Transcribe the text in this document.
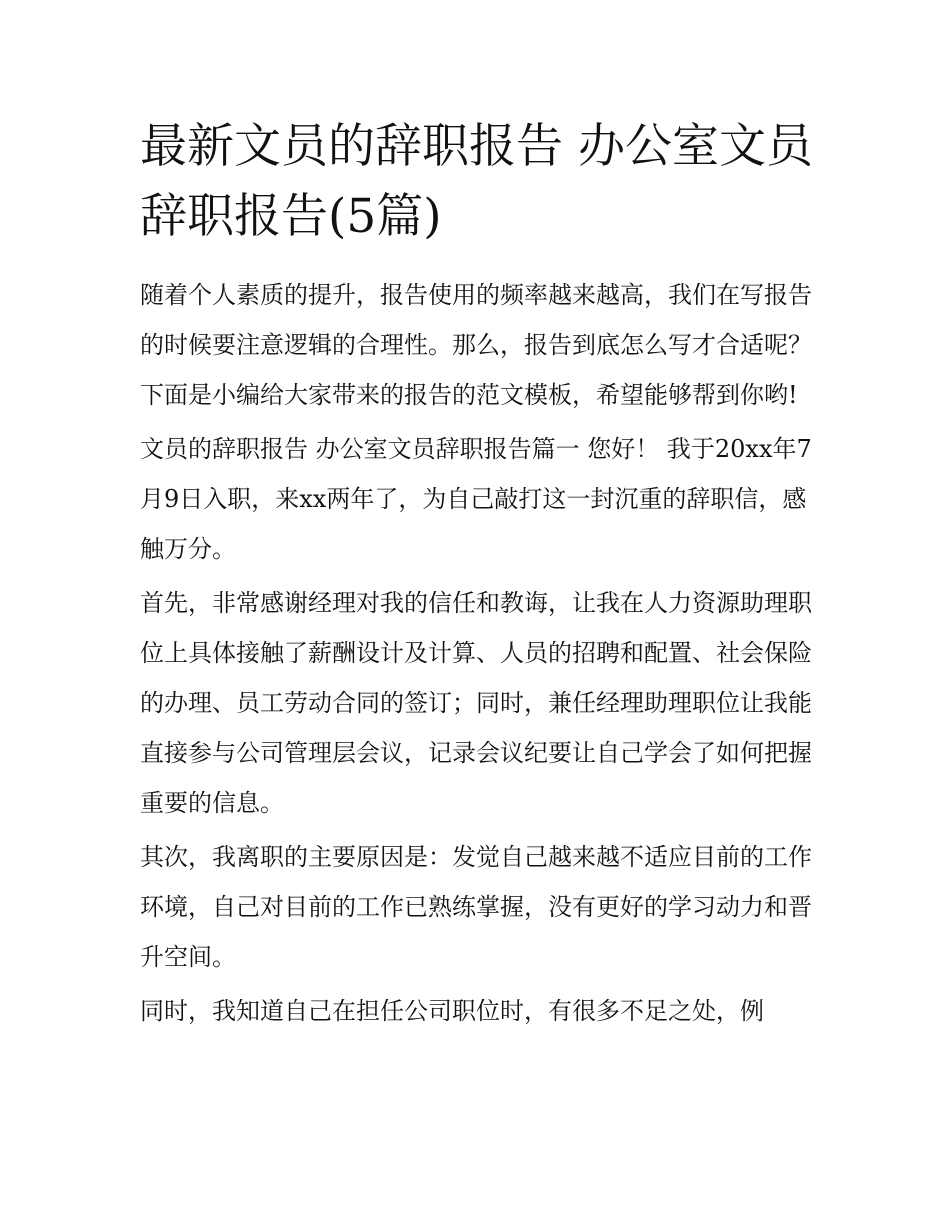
最新文员的辞职报告 办公室文员辞职报告(5篇)

随着个人素质的提升，报告使用的频率越来越高，我们在写报告的时候要注意逻辑的合理性。那么，报告到底怎么写才合适呢？下面是小编给大家带来的报告的范文模板，希望能够帮到你哟!

文员的辞职报告 办公室文员辞职报告篇一 您好！ 我于20xx年7月9日入职，来xx两年了，为自己敲打这一封沉重的辞职信，感触万分。

首先，非常感谢经理对我的信任和教诲，让我在人力资源助理职位上具体接触了薪酬设计及计算、人员的招聘和配置、社会保险的办理、员工劳动合同的签订；同时，兼任经理助理职位让我能直接参与公司管理层会议，记录会议纪要让自己学会了如何把握重要的信息。

其次，我离职的主要原因是：发觉自己越来越不适应目前的工作环境，自己对目前的工作已熟练掌握，没有更好的学习动力和晋升空间。

同时，我知道自己在担任公司职位时，有很多不足之处，例
